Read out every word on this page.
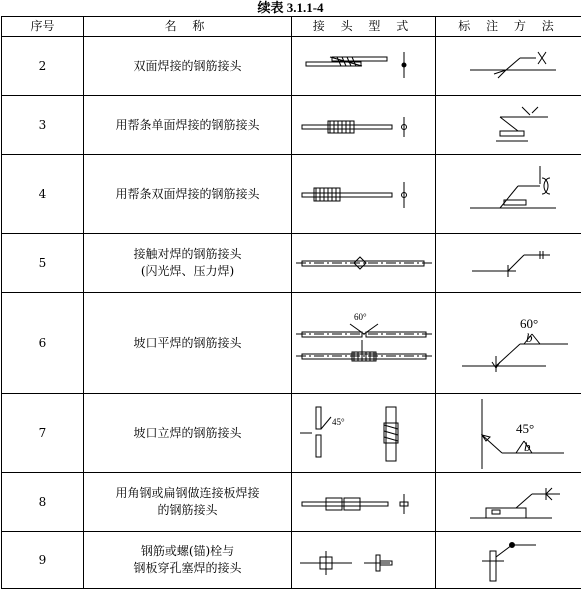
续表 3.1.1-4
序号	名 称	接 头 型 式	标 注 方 法
2	双面焊接的钢筋接头

3	用帮条单面焊接的钢筋接头

4	用帮条双面焊接的钢筋接头

5	接触对焊的钢筋接头
(闪光焊、压力焊)

6	坡口平焊的钢筋接头	60°	60°
b

7	坡口立焊的钢筋接头	45°	45°
b

8	用角钢或扁钢做连接板焊接
的钢筋接头

9	钢筋或螺(锚)栓与
钢板穿孔塞焊的接头
